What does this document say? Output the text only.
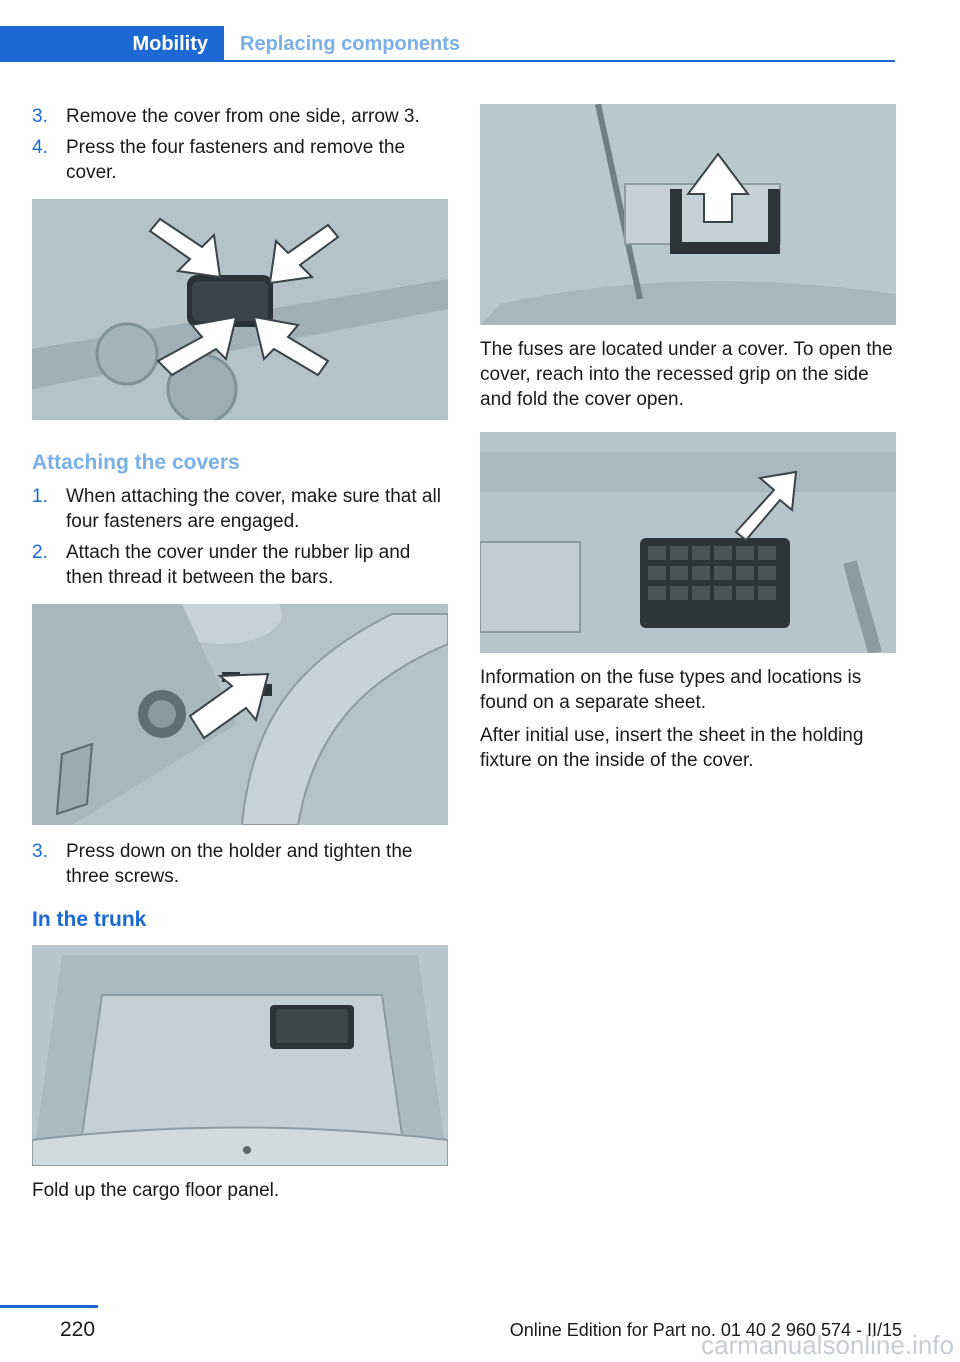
Mobility	Replacing components
3. Remove the cover from one side, arrow 3.
4. Press the four fasteners and remove the cover.
Attaching the covers
1. When attaching the cover, make sure that all four fasteners are engaged.
2. Attach the cover under the rubber lip and then thread it between the bars.
3. Press down on the holder and tighten the three screws.
In the trunk

Fold up the cargo floor panel.

The fuses are located under a cover. To open the cover, reach into the recessed grip on the side and fold the cover open.

Information on the fuse types and locations is found on a separate sheet.

After initial use, insert the sheet in the holding fixture on the inside of the cover.

220	Online Edition for Part no. 01 40 2 960 574 - II/15
carmanualsonline.info
